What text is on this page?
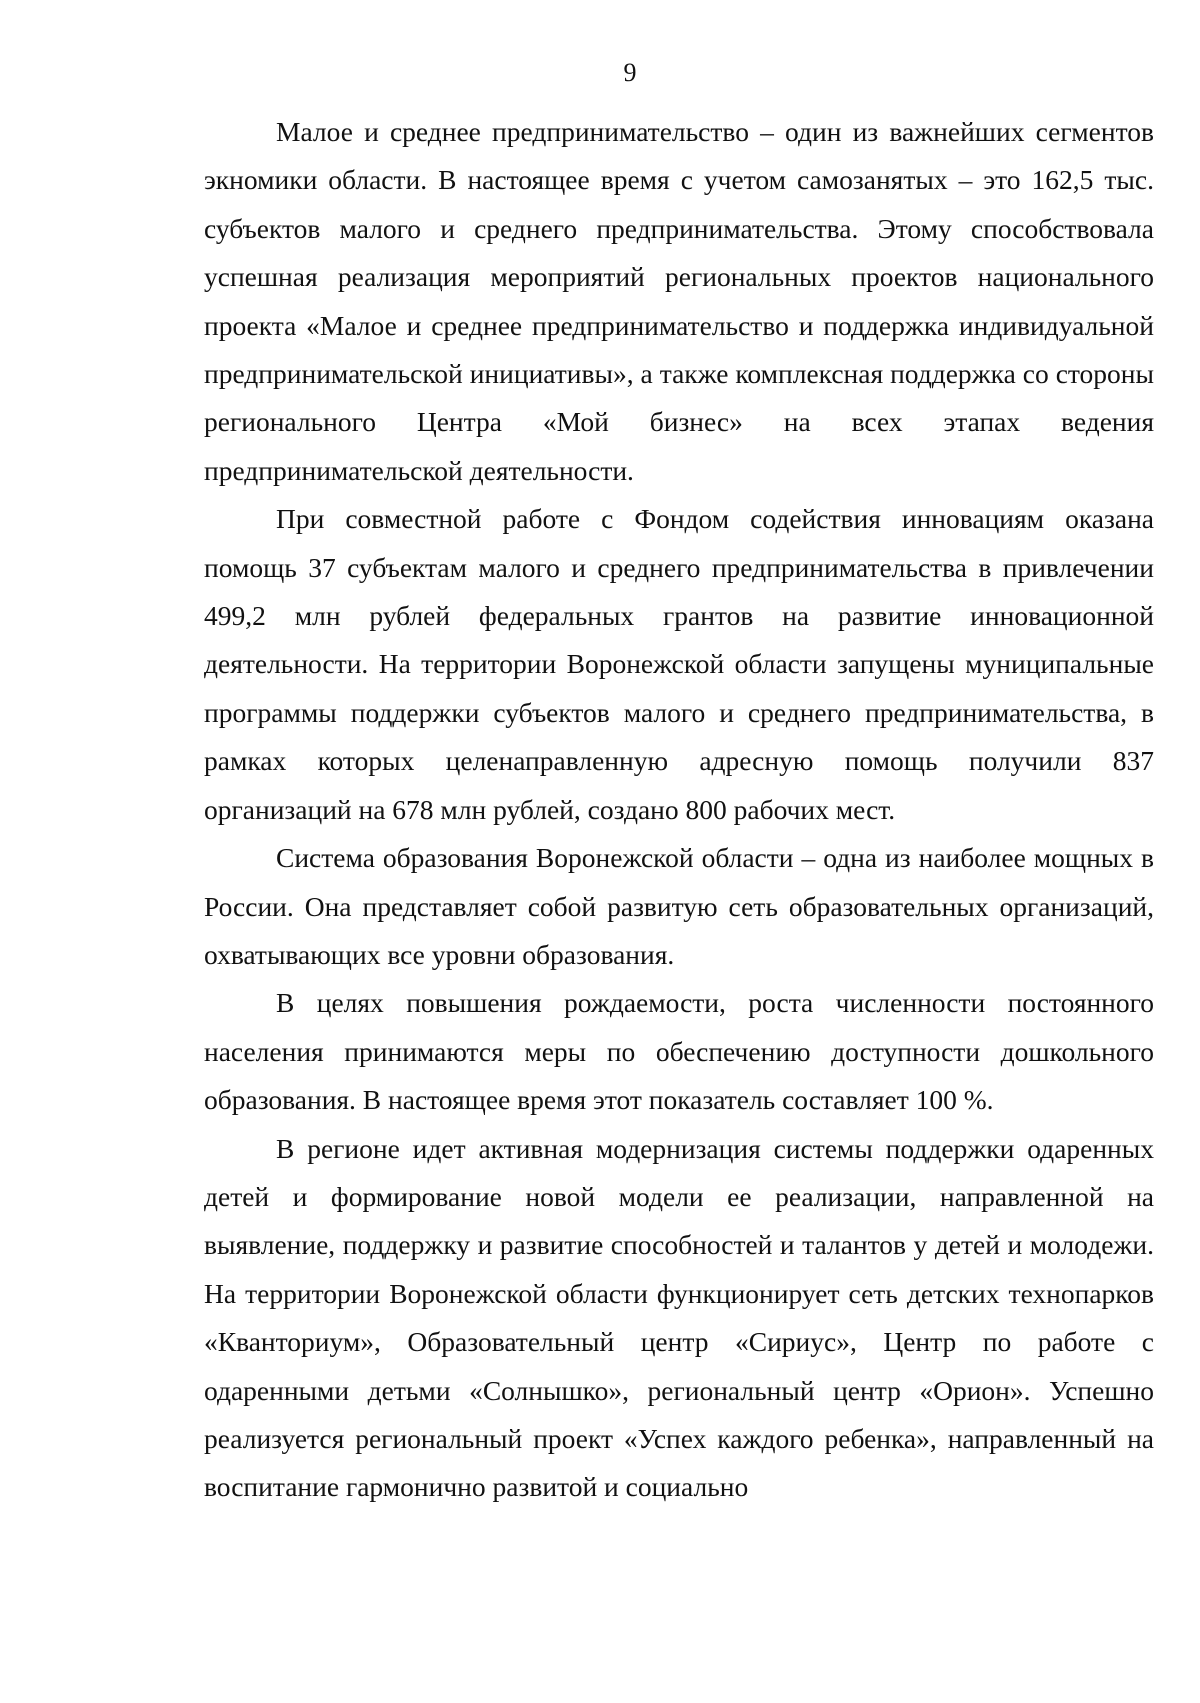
9

Малое и среднее предпринимательство – один из важнейших сегментов экномики области. В настоящее время с учетом самозанятых – это 162,5 тыс. субъектов малого и среднего предпринимательства. Этому способствовала успешная реализация мероприятий региональных проектов национального проекта «Малое и среднее предпринимательство и поддержка индивидуальной предпринимательской инициативы», а также комплексная поддержка со стороны регионального Центра «Мой бизнес» на всех этапах ведения предпринимательской деятельности.

При совместной работе с Фондом содействия инновациям оказана помощь 37 субъектам малого и среднего предпринимательства в привлечении 499,2 млн рублей федеральных грантов на развитие инновационной деятельности. На территории Воронежской области запущены муниципальные программы поддержки субъектов малого и среднего предпринимательства, в рамках которых целенаправленную адресную помощь получили 837 организаций на 678 млн рублей, создано 800 рабочих мест.

Система образования Воронежской области – одна из наиболее мощных в России. Она представляет собой развитую сеть образовательных организаций, охватывающих все уровни образования.

В целях повышения рождаемости, роста численности постоянного населения принимаются меры по обеспечению доступности дошкольного образования. В настоящее время этот показатель составляет 100 %.

В регионе идет активная модернизация системы поддержки одаренных детей и формирование новой модели ее реализации, направленной на выявление, поддержку и развитие способностей и талантов у детей и молодежи. На территории Воронежской области функционирует сеть детских технопарков «Кванториум», Образовательный центр «Сириус», Центр по работе с одаренными детьми «Солнышко», региональный центр «Орион». Успешно реализуется региональный проект «Успех каждого ребенка», направленный на воспитание гармонично развитой и социально
